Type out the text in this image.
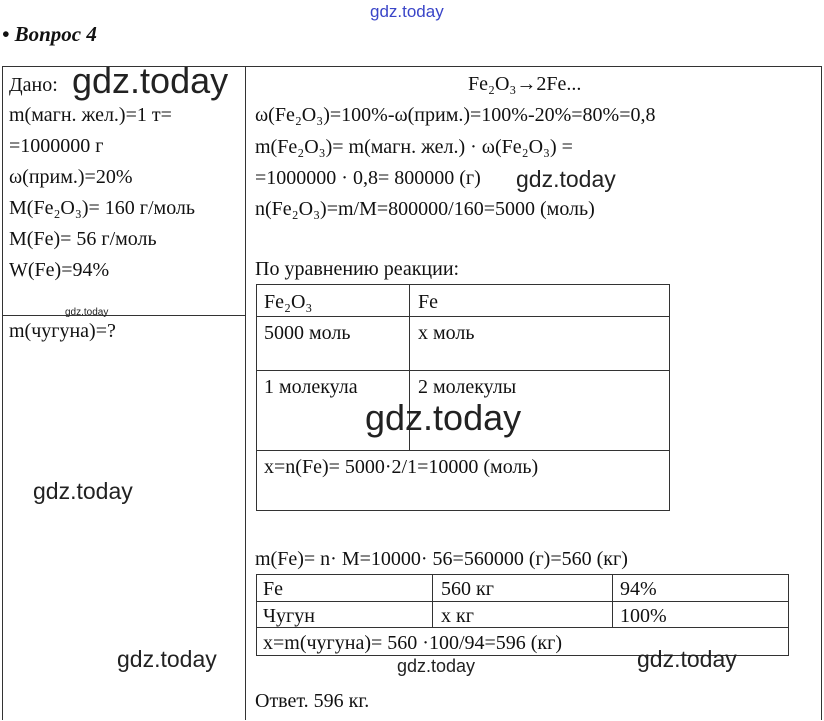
gdz.today
• Вопрос 4
Дано:
m(магн. жел.)=1 т=
=1000000 г
ω(прим.)=20%
M(Fe₂O₃)= 160 г/моль
M(Fe)= 56 г/моль
W(Fe)=94%
m(чугуна)=?
Fe₂O₃→2Fe...
ω(Fe₂O₃)=100%-ω(прим.)=100%-20%=80%=0,8
m(Fe₂O₃)= m(магн. жел.) · ω(Fe₂O₃) =
=1000000 · 0,8= 800000 (г)
n(Fe₂O₃)=m/M=800000/160=5000 (моль)
По уравнению реакции:
Fe₂O₃	Fe
5000 моль	x моль
1 молекула	2 молекулы
x=n(Fe)= 5000·2/1=10000 (моль)
m(Fe)= n· M=10000· 56=560000 (г)=560 (кг)
Fe	560 кг	94%
Чугун	x кг	100%
x=m(чугуна)= 560 ·100/94=596 (кг)
Ответ. 596 кг.
gdz.today
gdz.today
gdz.today
gdz.today
gdz.today
gdz.today
gdz.today	gdz.today
